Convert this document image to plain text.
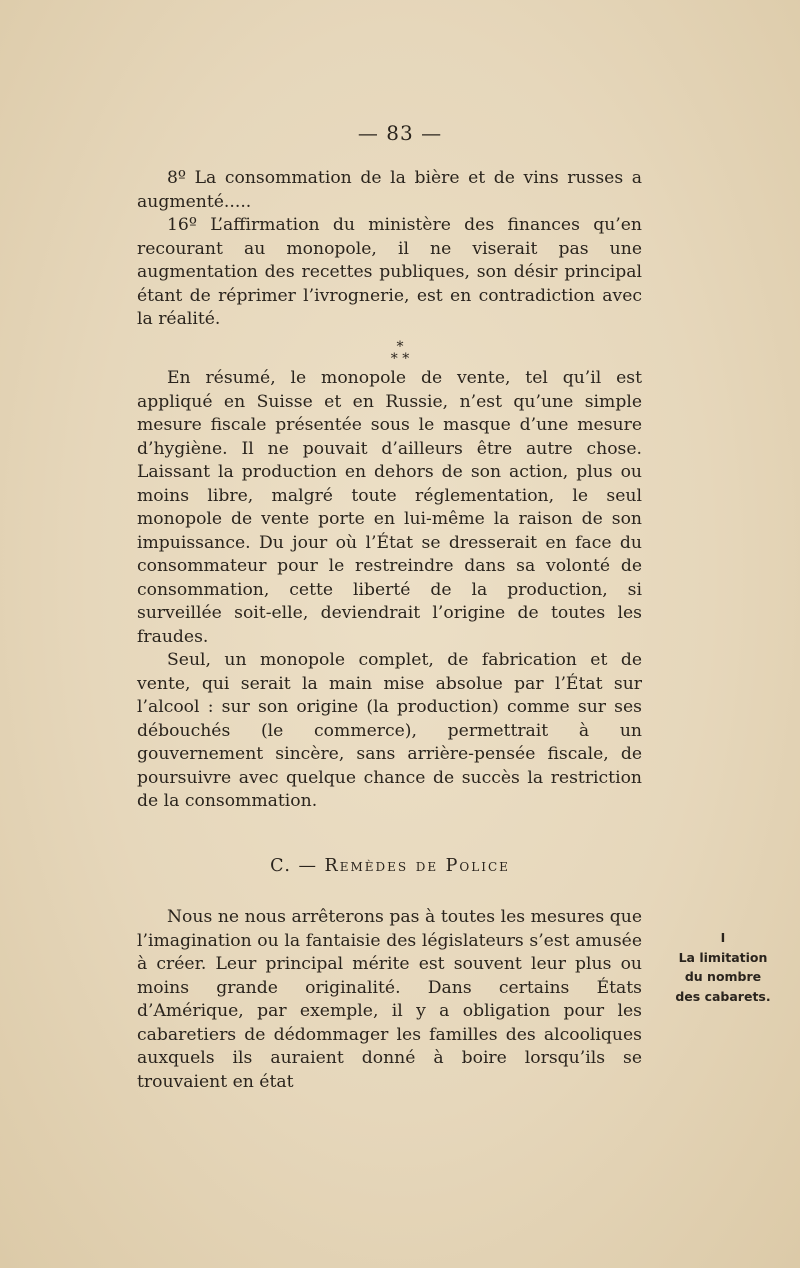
— 83 —

8º La consommation de la bière et de vins russes a augmenté.....

16º L’affirmation du ministère des finances qu’en recourant au monopole, il ne viserait pas une augmentation des recettes publiques, son désir principal étant de réprimer l’ivrognerie, est en contradiction avec la réalité.

*
* *

En résumé, le monopole de vente, tel qu’il est appliqué en Suisse et en Russie, n’est qu’une simple mesure fiscale présentée sous le masque d’une mesure d’hygiène. Il ne pouvait d’ailleurs être autre chose. Laissant la production en dehors de son action, plus ou moins libre, malgré toute réglementation, le seul monopole de vente porte en lui-même la raison de son impuissance. Du jour où l’État se dresserait en face du consommateur pour le restreindre dans sa volonté de consommation, cette liberté de la production, si surveillée soit-elle, deviendrait l’origine de toutes les fraudes.

Seul, un monopole complet, de fabrication et de vente, qui serait la main mise absolue par l’État sur l’alcool : sur son origine (la production) comme sur ses débouchés (le commerce), permettrait à un gouvernement sincère, sans arrière-pensée fiscale, de poursuivre avec quelque chance de succès la restriction de la consommation.

C. — Remèdes de Police

Nous ne nous arrêterons pas à toutes les mesures que l’imagination ou la fantaisie des législateurs s’est amusée à créer. Leur principal mérite est souvent leur plus ou moins grande originalité. Dans certains États d’Amérique, par exemple, il y a obligation pour les cabaretiers de dédommager les familles des alcooliques auxquels ils auraient donné à boire lorsqu’ils se trouvaient en état

I
La limitation
du nombre
des cabarets.
